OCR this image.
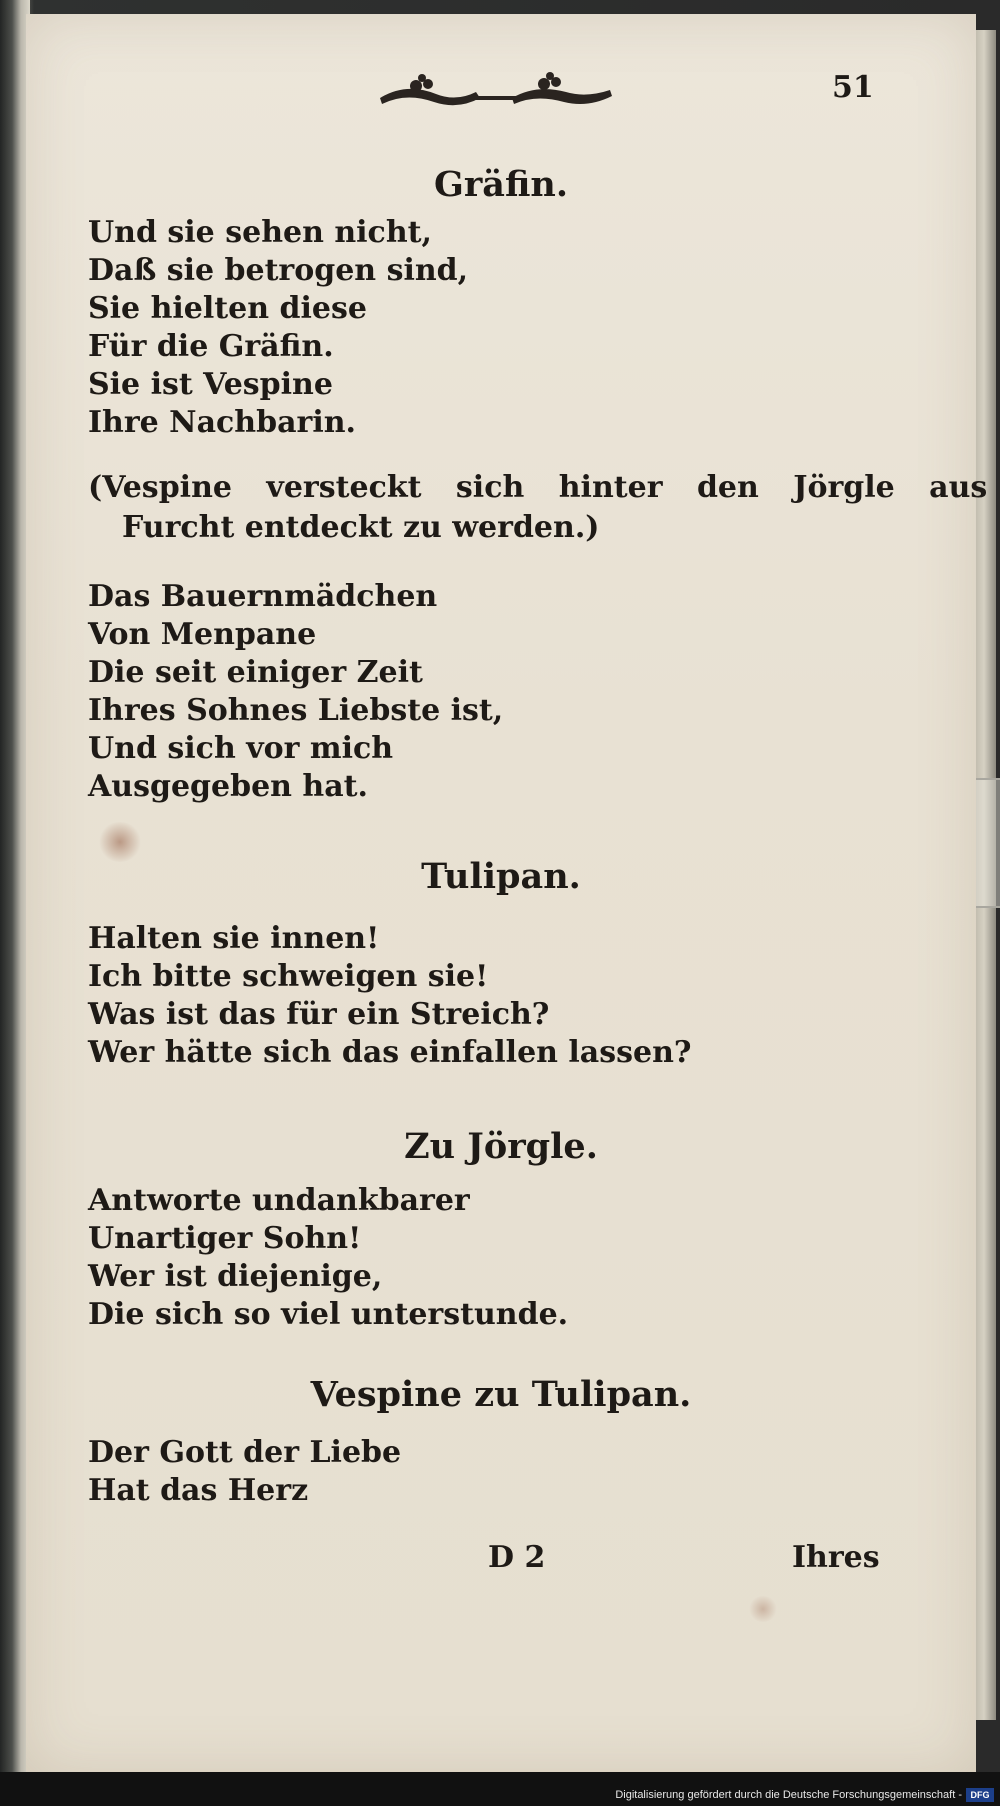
51
Gräfin.
Und sie sehen nicht,
Daß sie betrogen sind,
Sie hielten diese
Für die Gräfin.
Sie ist Vespine
Ihre Nachbarin.
(Vespine versteckt sich hinter den Jörgle aus
Furcht entdeckt zu werden.)
Das Bauernmädchen
Von Menpane
Die seit einiger Zeit
Ihres Sohnes Liebste ist,
Und sich vor mich
Ausgegeben hat.
Tulipan.
Halten sie innen!
Ich bitte schweigen sie!
Was ist das für ein Streich?
Wer hätte sich das einfallen lassen?
Zu Jörgle.
Antworte undankbarer
Unartiger Sohn!
Wer ist diejenige,
Die sich so viel unterstunde.
Vespine zu Tulipan.
Der Gott der Liebe
Hat das Herz
D 2	Ihres
Digitalisierung gefördert durch die Deutsche Forschungsgemeinschaft - DFG
